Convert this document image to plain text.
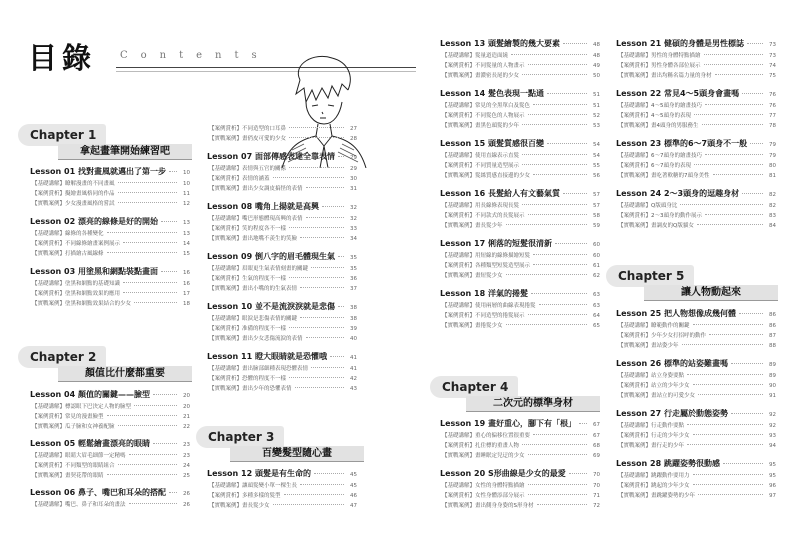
目錄 Contents
Chapter 1
拿起畫筆開始練習吧
Lesson 01 找對畫風就邁出了第一步	10
【基礎講解】瞭解漫畫的不同畫風	10
【案例賞析】擬繪畫風格同的作品	11
【實戰案例】少女漫畫風格的嘗試	12
Lesson 02 漂亮的線條是好的開始	13
【基礎講解】線條的各種變化	13
【案例賞析】不同線條繪畫案例展示	14
【實戰案例】打描繪古風線條	15
Lesson 03 用塗黑和網點裝點畫面	16
【基礎講解】塗黑和網點的基礎知識	16
【案例賞析】塗黑和網點效果的應用	17
【實戰案例】塗黑和網點效果結合的少女	18
Chapter 2
顏值比什麼都重要
Lesson 04 顏值的關鍵——臉型	20
【基礎講解】標認眼下巴決定人物的臉型	20
【案例賞析】常見的漫畫臉型	21
【實戰案例】瓜子臉和女神養配臉	22
Lesson 05 輕鬆繪畫漂亮的眼睛	23
【基礎講解】眼睛大眉毛細節一定精嗎	23
【案例賞析】不同類型的眼睛組合	24
【實戰案例】畫契花帶的眼睛	25
Lesson 06 鼻子、嘴巴和耳朵的搭配	26
【基礎講解】嘴巴、鼻子和耳朵的畫法	26
【案例賞析】不同造型的口耳鼻	27
【實戰案例】畫俏皮可愛的少女	28
Lesson 07 面部傳感表達全靠表情	29
【基礎講解】表情與五官的關係	29
【案例賞析】表情的涵蓋	30
【實戰案例】畫出少女調皮搞怪的表情	31
Lesson 08 嘴角上揚就是高興	32
【基礎講解】嘴巴形態體現高興的表情	32
【案例賞析】笑的程度各不一樣	33
【實戰案例】畫出地嘴不羨生的笑臉	34
Lesson 09 倒八字的眉毛體現生氣	35
【基礎講解】眉眼更生氣表情刻畫的關鍵	35
【案例賞析】生氣的程度不一樣	36
【實戰案例】畫出小嘴的的生氣表情	37
Lesson 10 並不是流淚淚就是悲傷	38
【基礎講解】眼淚是悲傷表情的關鍵	38
【案例賞析】准備的程度不一樣	39
【實戰案例】畫出少女悲傷流淚的表情	40
Lesson 11 瞪大眼睛就是恐懼哦	41
【基礎講解】畫出臉部細種表現恐懼表情	41
【案例賞析】恐懼的程度不一樣	42
【實戰案例】畫出少年的恐懼表情	43
Chapter 3
百變髮型隨心畫
Lesson 12 頭髮是有生命的	45
【基礎講解】讓頭髮變小單一棵生長	45
【案例賞析】多種多樣的髮型	46
【實戰案例】畫長髮少女	47
Lesson 13 頭髮繪製的幾大要素	48
【基礎講解】髮量道造面繞	48
【案例賞析】不同髮量的人物畫示	49
【實戰案例】畫濃密長尾的少女	50
Lesson 14 髮色表現一點通	51
【基礎講解】常見的全黑單白及髮色	51
【案例賞析】不同髮色的人物展示	52
【實戰案例】畫黑色頭髮的少年	53
Lesson 15 頭髮質感很百變	54
【基礎講解】使用直線表示直髮	54
【案例賞析】不同質量造型展示	55
【實戰案例】髮絲質感直接邊的少女	56
Lesson 16 長髮給人有文藝氣質	57
【基礎講解】用長線條表現長髮	57
【案例賞析】不同款式的長髮展示	58
【實戰案例】畫長髮少年	59
Lesson 17 俐落的短髮很清新	60
【基礎講解】用短線的線條描繪短髮	60
【案例賞析】各種類型短髮造型展示	61
【實戰案例】畫短髮少女	62
Lesson 18 洋氣的捲髮	63
【基礎講解】使用兩層的曲線表現捲髮	63
【案例賞析】不同造型的捲髮展示	64
【實戰案例】畫捲髮少女	65
Chapter 4
二次元的標準身材
Lesson 19 畫好重心，腳下有「根」	67
【基礎講解】重心的偏移位置很重要	67
【案例賞析】扎住標的重畫人物	68
【實戰案例】畫睡眠定兒迂的少女	69
Lesson 20 S形曲線是少女的最愛	70
【基礎講解】女性的身體特點描繪	70
【案例賞析】女性身體添部分展示	71
【實戰案例】畫出側身身姿的S形身材	72
Lesson 21 健碩的身體是男性標誌	73
【基礎講解】男性的身體特點描繪	73
【案例賞析】男性身體各部位展示	74
【實戰案例】畫出均稱名篇力量的身材	75
Lesson 22 常見4～5頭身會畫嗎	76
【基礎講解】4～5頭身的繪畫技巧	76
【案例賞析】4～5頭身的表現	77
【實戰案例】畫4頭身的男服務生	78
Lesson 23 標準的6～7頭身不一般	79
【基礎講解】6～7頭身的繪畫技巧	79
【案例賞析】6～7頭身的表現	80
【實戰案例】畫吃著軟糖的7頭身美性	81
Lesson 24 2～3頭身的逗趣身材	82
【基礎講解】Q版頭身比	82
【案例賞析】2～3頭身的動作展示	83
【實戰案例】畫調皮的Q版貓女	84
Chapter 5
讓人物動起來
Lesson 25 把人物想像成幾何體	86
【基礎講解】瞭範動作的關鍵	86
【案例賞析】少年少女打招呼的動作	87
【實戰案例】畫站姿少年	88
Lesson 26 標準的站姿難畫嗎	89
【基礎講解】站立身姿要點	89
【案例賞析】站立的少年少女	90
【實戰案例】畫站立的可愛少女	91
Lesson 27 行走屬於動態姿勢	92
【基礎講解】行走動作要點	92
【案例賞析】行走的少年少女	93
【實戰案例】畫行走的少年	94
Lesson 28 跳躍姿勢很動感	95
【基礎講解】跳躍動作要用力	95
【案例賞析】跳起的少年少女	96
【實戰案例】畫跳躍姿勢的少年	97
